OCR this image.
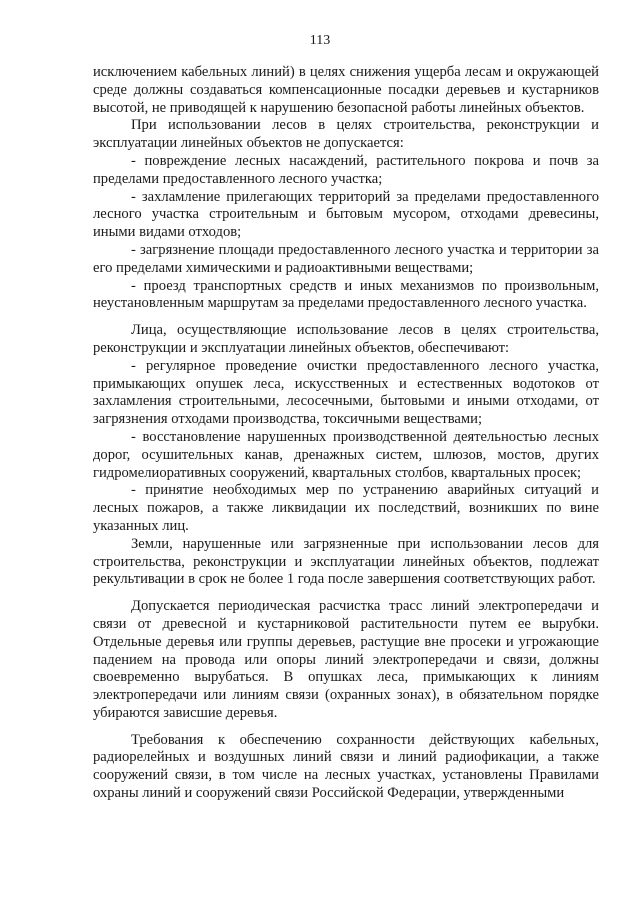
113

исключением кабельных линий) в целях снижения ущерба лесам и окружающей среде должны создаваться компенсационные посадки деревьев и кустарников высотой, не приводящей к нарушению безопасной работы линейных объектов.

При использовании лесов в целях строительства, реконструкции и эксплуатации линейных объектов не допускается:

- повреждение лесных насаждений, растительного покрова и почв за пределами предоставленного лесного участка;

- захламление прилегающих территорий за пределами предоставленного лесного участка строительным и бытовым мусором, отходами древесины, иными видами отходов;

- загрязнение площади предоставленного лесного участка и территории за его пределами химическими и радиоактивными веществами;

- проезд транспортных средств и иных механизмов по произвольным, неустановленным маршрутам за пределами предоставленного лесного участка.

Лица, осуществляющие использование лесов в целях строительства, реконструкции и эксплуатации линейных объектов, обеспечивают:

- регулярное проведение очистки предоставленного лесного участка, примыкающих опушек леса, искусственных и естественных водотоков от захламления строительными, лесосечными, бытовыми и иными отходами, от загрязнения отходами производства, токсичными веществами;

- восстановление нарушенных производственной деятельностью лесных дорог, осушительных канав, дренажных систем, шлюзов, мостов, других гидромелиоративных сооружений, квартальных столбов, квартальных просек;

- принятие необходимых мер по устранению аварийных ситуаций и лесных пожаров, а также ликвидации их последствий, возникших по вине указанных лиц.

Земли, нарушенные или загрязненные при использовании лесов для строительства, реконструкции и эксплуатации линейных объектов, подлежат рекультивации в срок не более 1 года после завершения соответствующих работ.

Допускается периодическая расчистка трасс линий электропередачи и связи от древесной и кустарниковой растительности путем ее вырубки. Отдельные деревья или группы деревьев, растущие вне просеки и угрожающие падением на провода или опоры линий электропередачи и связи, должны своевременно вырубаться. В опушках леса, примыкающих к линиям электропередачи или линиям связи (охранных зонах), в обязательном порядке убираются зависшие деревья.

Требования к обеспечению сохранности действующих кабельных, радиорелейных и воздушных линий связи и линий радиофикации, а также сооружений связи, в том числе на лесных участках, установлены Правилами охраны линий и сооружений связи Российской Федерации, утвержденными
